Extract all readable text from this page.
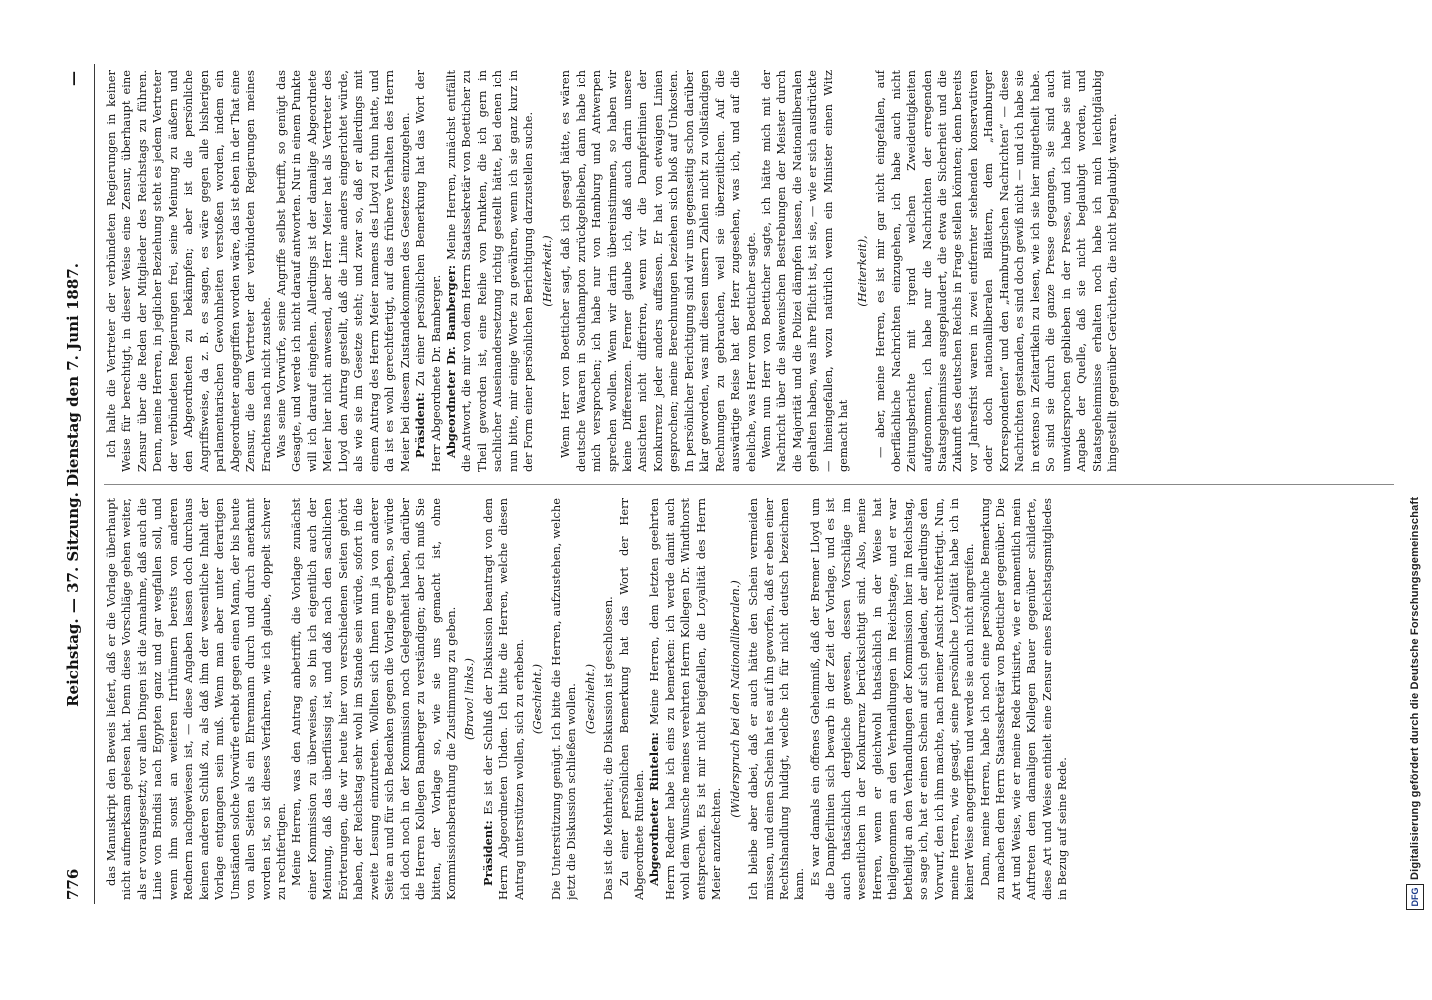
776
Reichstag. — 37. Sitzung. Dienstag den 7. Juni 1887.
—

das Manuskript den Beweis liefert, daß er die Vorlage überhaupt nicht aufmerksam gelesen hat. Denn diese Vorschläge gehen weiter, als er vorausgesetzt; vor allen Dingen ist die Annahme, daß auch die Linie von Brindisi nach Egypten ganz und gar wegfallen soll, und wenn ihm sonst an weiteren Irrthümern bereits von anderen Rednern nachgewiesen ist, — diese Angaben lassen doch durchaus keinen anderen Schluß zu, als daß ihm der wesentliche Inhalt der Vorlage entgangen sein muß. Wenn man aber unter derartigen Umständen solche Vorwürfe erhebt gegen einen Mann, der bis heute von allen Seiten als ein Ehrenmann durch und durch anerkannt worden ist, so ist dieses Verfahren, wie ich glaube, doppelt schwer zu rechtfertigen. Meine Herren, was den Antrag anbetrifft, die Vorlage zunächst einer Kommission zu überweisen, so bin ich eigentlich auch der Meinung, daß das überflüssig ist, und daß nach den sachlichen Erörterungen, die wir heute hier von verschiedenen Seiten gehört haben, der Reichstag sehr wohl im Stande sein würde, sofort in die zweite Lesung einzutreten. Wollten sich Ihnen nun ja von anderer Seite an und für sich Bedenken gegen die Vorlage ergeben, so würde ich doch noch in der Kommission noch Gelegenheit haben, darüber die Herren Kollegen Bamberger zu verständigen; aber ich muß Sie bitten, der Vorlage so, wie sie uns gemacht ist, ohne Kommissionsberathung die Zustimmung zu geben. (Bravo! links.)

Präsident: Es ist der Schluß der Diskussion beantragt von dem Herrn Abgeordneten Uhden. Ich bitte die Herren, welche diesen Antrag unterstützen wollen, sich zu erheben. (Geschieht.) Die Unterstützung genügt. Ich bitte die Herren, aufzustehen, welche jetzt die Diskussion schließen wollen. (Geschieht.) Das ist die Mehrheit; die Diskussion ist geschlossen. Zu einer persönlichen Bemerkung hat das Wort der Herr Abgeordnete Rintelen. Abgeordneter Rintelen: Meine Herren, dem letzten geehrten Herrn Redner habe ich eins zu bemerken: ich werde damit auch wohl dem Wunsche meines verehrten Herrn Kollegen Dr. Windthorst entsprechen. Es ist mir nicht beigefallen, die Loyalität des Herrn Meier anzufechten.

(Widerspruch bei den Nationalliberalen.) Ich bleibe aber dabei, daß er auch hätte den Schein vermeiden müssen, und einen Schein hat es auf ihn geworfen, daß er eben einer Rechtshandlung huldigt, welche ich für nicht deutsch bezeichnen kann. Es war damals ein offenes Geheimniß, daß der Bremer Lloyd um die Dampferlinien sich bewarb in der Zeit der Vorlage, und es ist auch thatsächlich dergleiche gewesen, dessen Vorschläge im wesentlichen in der Konkurrenz berücksichtigt sind. Also, meine Herren, wenn er gleichwohl thatsächlich in der Weise hat theilgenommen an den Verhandlungen im Reichstage, und er war betheiligt an den Verhandlungen der Kommission hier im Reichstag, so sage ich, hat er einen Schein auf sich geladen, der allerdings den Vorwurf, den ich ihm machte, nach meiner Ansicht rechtfertigt. Nun, meine Herren, wie gesagt, seine persönliche Loyalität habe ich in keiner Weise angegriffen und werde sie auch nicht angreifen. Dann, meine Herren, habe ich noch eine persönliche Bemerkung zu machen dem Herrn Staatssekretär von Boetticher gegenüber. Die Art und Weise, wie er meine Rede kritisirte, wie er namentlich mein Auftreten dem damaligen Kollegen Bauer gegenüber schilderte, diese Art und Weise enthielt eine Zensur eines Reichstagsmitgliedes in Bezug auf seine Rede.

Ich halte die Vertreter der verbündeten Regierungen in keiner Weise für berechtigt, in dieser Weise eine Zensur, überhaupt eine Zensur über die Reden der Mitglieder des Reichstags zu führen. Denn, meine Herren, in jeglicher Beziehung steht es jedem Vertreter der verbündeten Regierungen frei, seine Meinung zu äußern und den Abgeordneten zu bekämpfen; aber ist die persönliche Angriffsweise, da z. B. es sagen, es wäre gegen alle bisherigen parlamentarischen Gewohnheiten verstoßen worden, indem ein Abgeordneter angegriffen worden wäre, das ist eben in der That eine Zensur, die dem Vertreter der verbündeten Regierungen meines Erachtens nach nicht zustehe. Was seine Vorwürfe, seine Angriffe selbst betrifft, so genügt das Gesagte, und werde ich nicht darauf antworten. Nur in einem Punkte will ich darauf eingehen. Allerdings ist der damalige Abgeordnete Meier hier nicht anwesend, aber Herr Meier hat als Vertreter des Lloyd den Antrag gestellt, daß die Linie anders eingerichtet würde, als wie sie im Gesetze steht; und zwar so, daß er allerdings mit einem Antrag des Herrn Meier namens des Lloyd zu thun hatte, und da ist es wohl gerechtfertigt, auf das frühere Verhalten des Herrn Meier bei diesem Zustandekommen des Gesetzes einzugehen. Präsident: Zu einer persönlichen Bemerkung hat das Wort der Herr Abgeordnete Dr. Bamberger. Abgeordneter Dr. Bamberger: Meine Herren, zunächst entfällt die Antwort, die mir von dem Herrn Staatssekretär von Boetticher zu Theil geworden ist, eine Reihe von Punkten, die ich gern in sachlicher Auseinandersetzung richtig gestellt hätte, bei denen ich nun bitte, mir einige Worte zu gewähren, wenn ich sie ganz kurz in der Form einer persönlichen Berichtigung darzustellen suche. (Heiterkeit.) Wenn Herr von Boetticher sagt, daß ich gesagt hätte, es wären deutsche Waaren in Southampton zurückgeblieben, dann habe ich mich versprochen; ich habe nur von Hamburg und Antwerpen sprechen wollen. Wenn wir darin übereinstimmen, so haben wir keine Differenzen. Ferner glaube ich, daß auch darin unsere Ansichten nicht differiren, wenn wir die Dampferlinien der Konkurrenz jeder anders auffassen. Er hat von etwaigen Linien gesprochen; meine Berechnungen beziehen sich bloß auf Unkosten. In persönlicher Berichtigung sind wir uns gegenseitig schon darüber klar geworden, was mit diesen unsern Zahlen nicht zu vollständigen Rechnungen zu gebrauchen, weil sie überzeitlichen. Auf die auswärtige Reise hat der Herr zugesehen, was ich, und auf die eheliche, was Herr vom Boetticher sagte. Wenn nun Herr von Boetticher sagte, ich hätte mich mit der Nachricht über die slawenischen Bestrebungen der Meister durch die Majorität und die Polizei dämpfen lassen, die Nationalliberalen gehalten haben, was ihre Pflicht ist, ist sie, — wie er sich ausdrückte — hineingefallen, wozu natürlich wenn ein Minister einen Witz gemacht hat

(Heiterkeit), — aber, meine Herren, es ist mir gar nicht eingefallen, auf oberflächliche Nachrichten einzugehen, ich habe auch nicht Zeitungsberichte mit irgend welchen Zweideutigkeiten aufgenommen, ich habe nur die Nachrichten der erregenden Staatsgeheimnisse ausgeplaudert, die etwa die Sicherheit und die Zukunft des deutschen Reichs in Frage stellen könnten; denn bereits vor Jahresfrist waren in zwei entfernter stehenden konservativen oder doch nationalliberalen Blättern, dem „Hamburger Korrespondenten“ und den „Hamburgischen Nachrichten“ — diese Nachrichten gestanden, es sind doch gewiß nicht — und ich habe sie in extenso in Zeitartikeln zu lesen, wie ich sie hier mitgetheilt habe. So sind sie durch die ganze Presse gegangen, sie sind auch unwidersprochen geblieben in der Presse, und ich habe sie mit Angabe der Quelle, daß sie nicht beglaubigt worden, und Staatsgeheimnisse erhalten noch habe ich mich leichtgläubig hingestellt gegenüber Gerüchten, die nicht beglaubigt waren.

DFG
Digitalisierung gefördert durch die Deutsche Forschungsgemeinschaft
